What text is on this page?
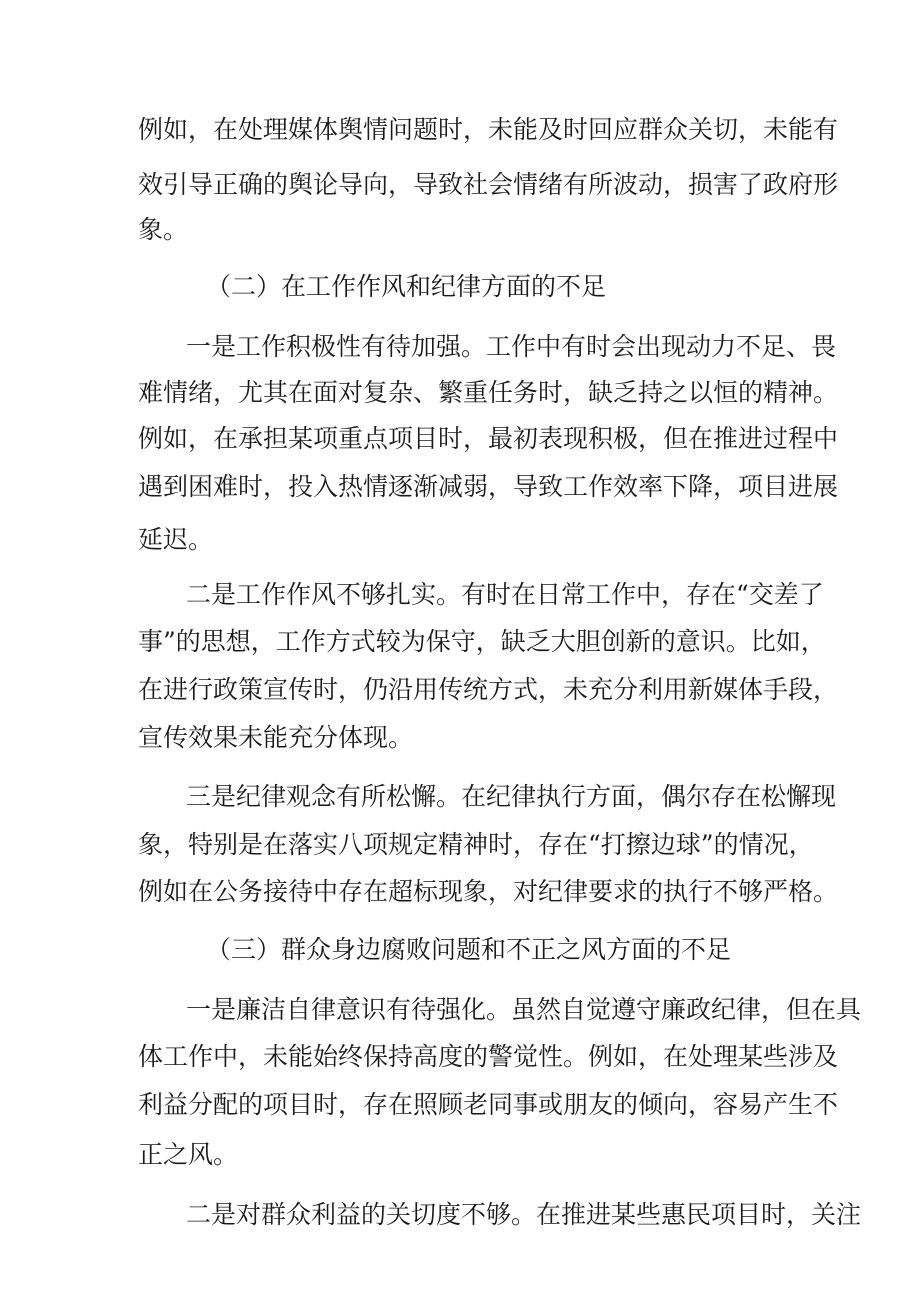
例如，在处理媒体舆情问题时，未能及时回应群众关切，未能有
效引导正确的舆论导向，导致社会情绪有所波动，损害了政府形
象。
（二）在工作作风和纪律方面的不足
一是工作积极性有待加强。工作中有时会出现动力不足、畏
难情绪，尤其在面对复杂、繁重任务时，缺乏持之以恒的精神。
例如，在承担某项重点项目时，最初表现积极，但在推进过程中
遇到困难时，投入热情逐渐减弱，导致工作效率下降，项目进展
延迟。
二是工作作风不够扎实。有时在日常工作中，存在“交差了
事”的思想，工作方式较为保守，缺乏大胆创新的意识。比如，
在进行政策宣传时，仍沿用传统方式，未充分利用新媒体手段，
宣传效果未能充分体现。
三是纪律观念有所松懈。在纪律执行方面，偶尔存在松懈现
象，特别是在落实八项规定精神时，存在“打擦边球”的情况，
例如在公务接待中存在超标现象，对纪律要求的执行不够严格。
（三）群众身边腐败问题和不正之风方面的不足
一是廉洁自律意识有待强化。虽然自觉遵守廉政纪律，但在具
体工作中，未能始终保持高度的警觉性。例如，在处理某些涉及
利益分配的项目时，存在照顾老同事或朋友的倾向，容易产生不
正之风。
二是对群众利益的关切度不够。在推进某些惠民项目时，关注
